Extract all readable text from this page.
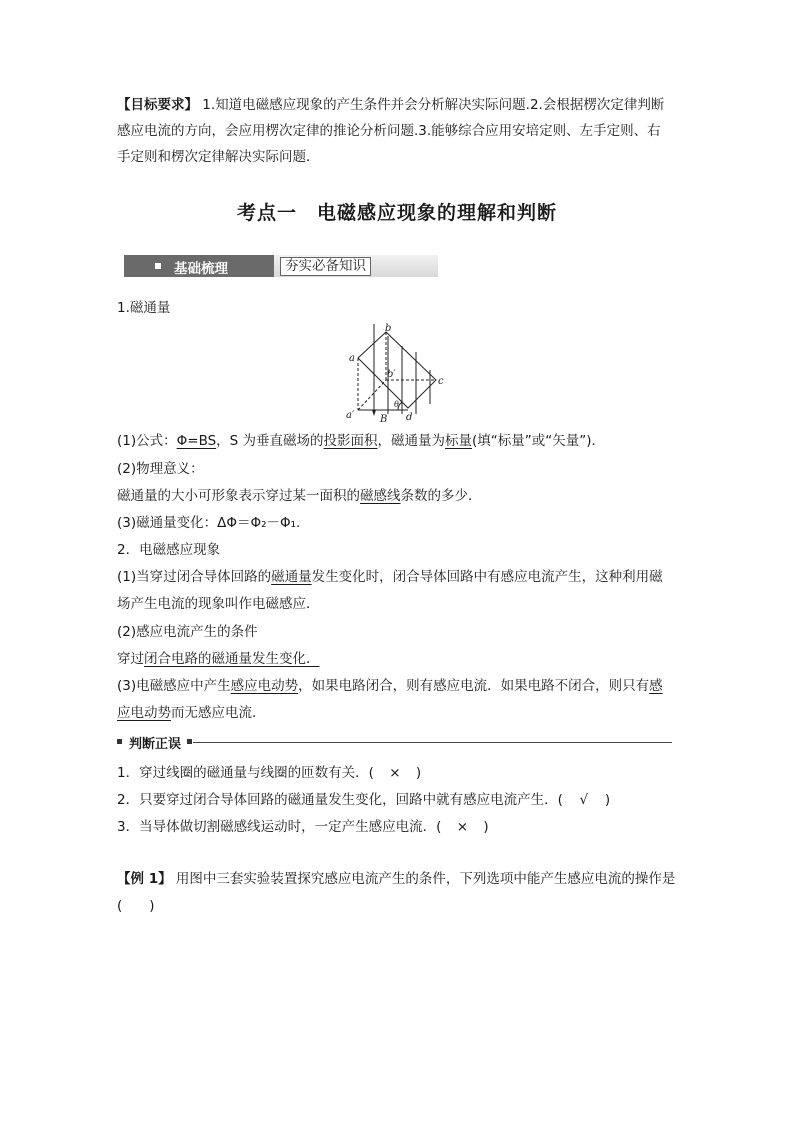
【目标要求】 1.知道电磁感应现象的产生条件并会分析解决实际问题.2.会根据楞次定律判断
感应电流的方向，会应用楞次定律的推论分析问题.3.能够综合应用安培定则、左手定则、右
手定则和楞次定律解决实际问题．
考点一　电磁感应现象的理解和判断
基础梳理	夯实必备知识
1.磁通量
b
a
c
b′
a′	d
B
θ
(1)公式：Φ=BS，S 为垂直磁场的投影面积，磁通量为标量(填“标量”或“矢量”)．
(2)物理意义：
磁通量的大小可形象表示穿过某一面积的磁感线条数的多少．
(3)磁通量变化：ΔΦ＝Φ₂－Φ₁.
2．电磁感应现象
(1)当穿过闭合导体回路的磁通量发生变化时，闭合导体回路中有感应电流产生，这种利用磁
场产生电流的现象叫作电磁感应．
(2)感应电流产生的条件
穿过闭合电路的磁通量发生变化．
(3)电磁感应中产生感应电动势，如果电路闭合，则有感应电流．如果电路不闭合，则只有感
应电动势而无感应电流．
判断正误
1．穿过线圈的磁通量与线圈的匝数有关．( × )
2．只要穿过闭合导体回路的磁通量发生变化，回路中就有感应电流产生．( √ )
3．当导体做切割磁感线运动时，一定产生感应电流．( × )
【例 1】 用图中三套实验装置探究感应电流产生的条件，下列选项中能产生感应电流的操作是
(　　)
